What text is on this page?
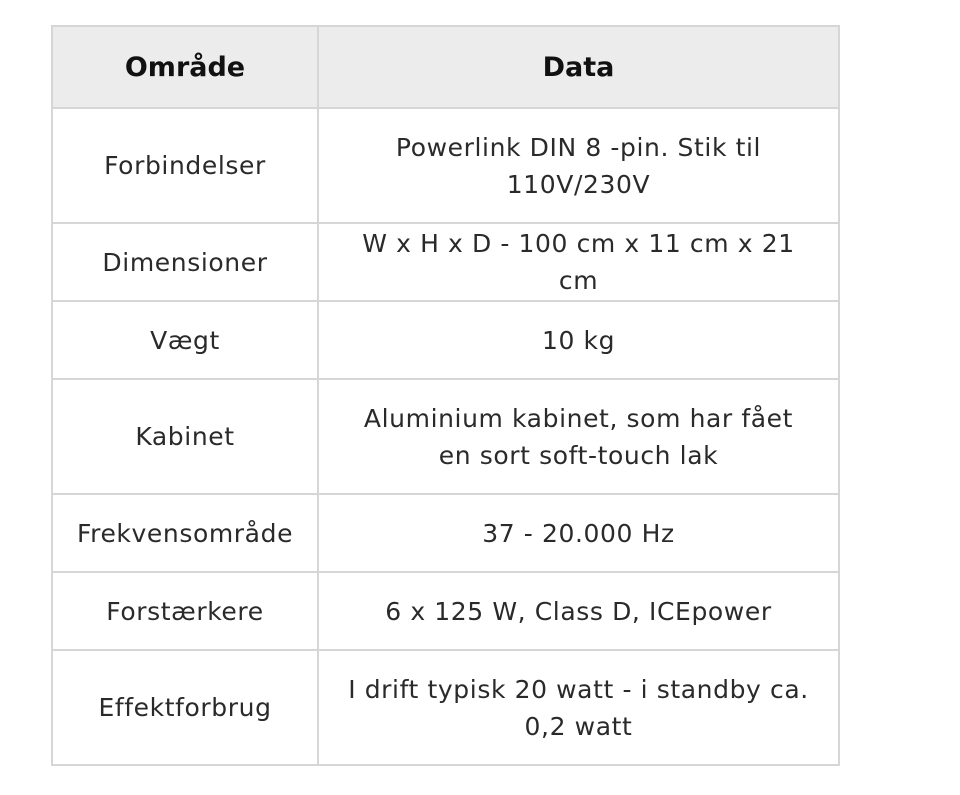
Område	Data
Forbindelser	Powerlink DIN 8 -pin. Stik til 110V/230V
Dimensioner	W x H x D - 100 cm x 11 cm x 21 cm
Vægt	10 kg
Kabinet	Aluminium kabinet, som har fået en sort soft-touch lak
Frekvensområde	37 - 20.000 Hz
Forstærkere	6 x 125 W, Class D, ICEpower
Effektforbrug	I drift typisk 20 watt - i standby ca. 0,2 watt
